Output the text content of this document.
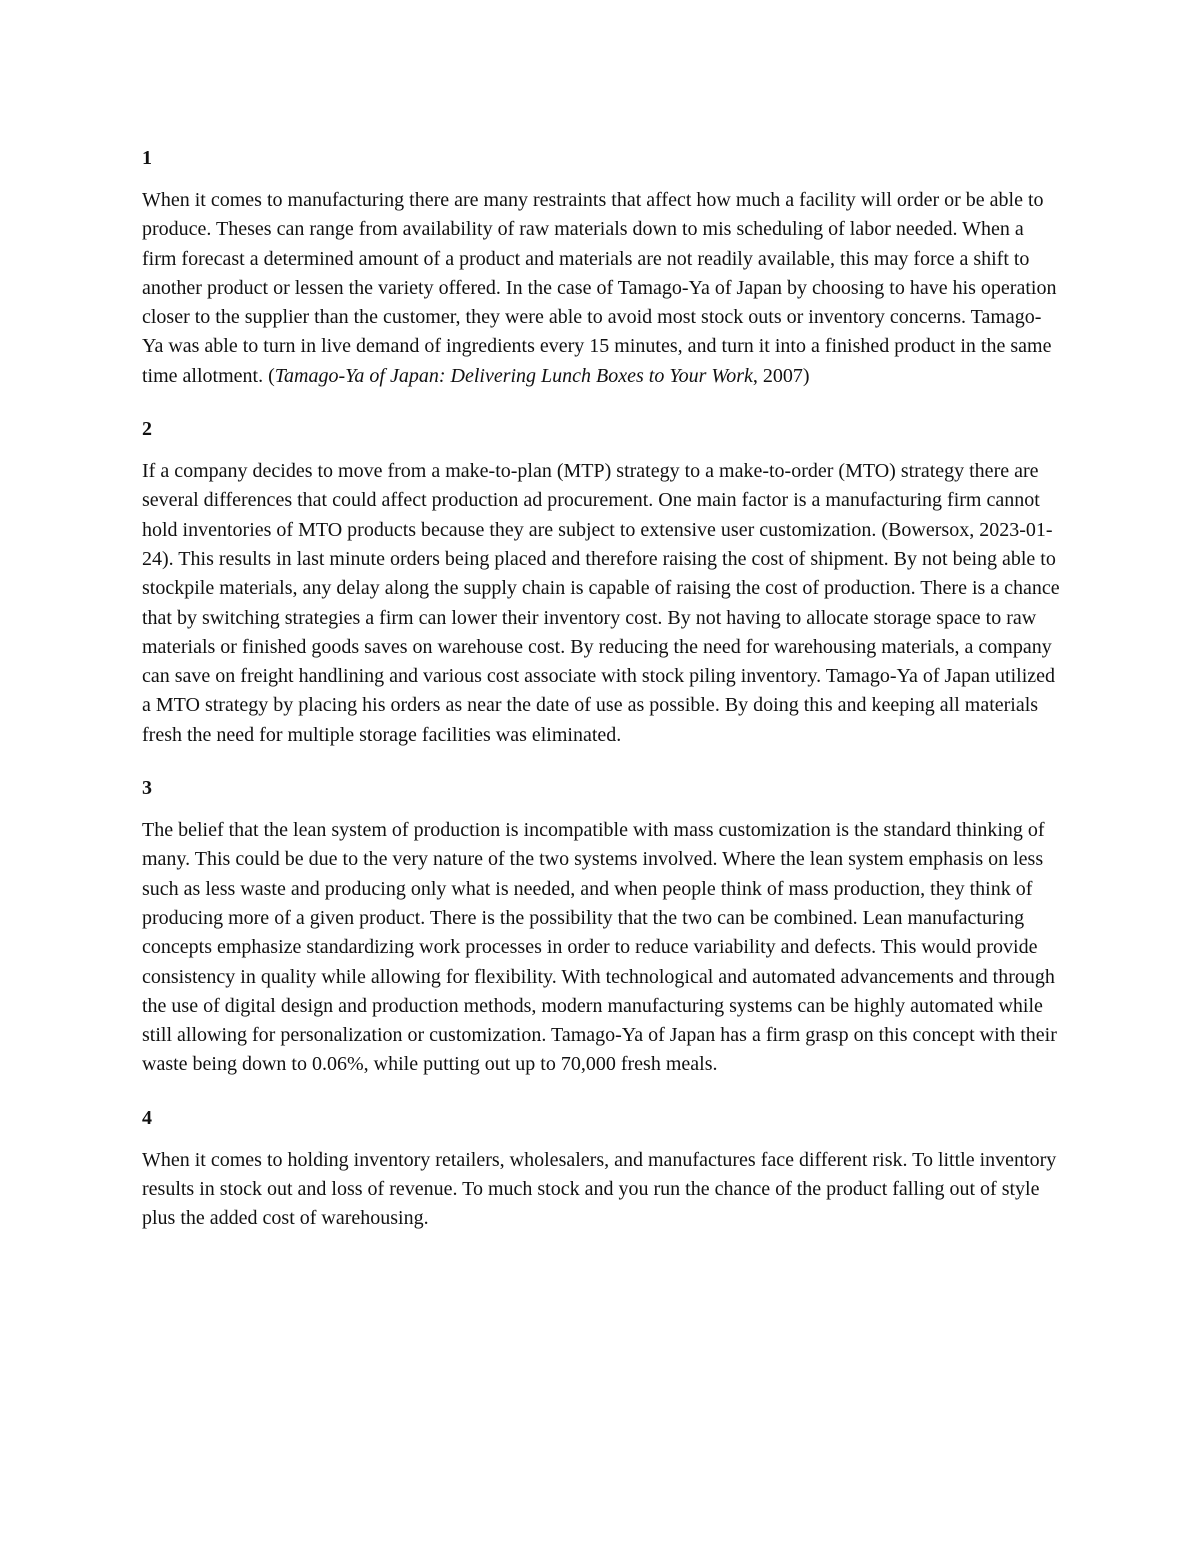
1

When it comes to manufacturing there are many restraints that affect how much a facility will order or be able to produce. Theses can range from availability of raw materials down to mis scheduling of labor needed. When a firm forecast a determined amount of a product and materials are not readily available, this may force a shift to another product or lessen the variety offered. In the case of Tamago-Ya of Japan by choosing to have his operation closer to the supplier than the customer, they were able to avoid most stock outs or inventory concerns. Tamago-Ya was able to turn in live demand of ingredients every 15 minutes, and turn it into a finished product in the same time allotment. (Tamago-Ya of Japan: Delivering Lunch Boxes to Your Work, 2007)

2

If a company decides to move from a make-to-plan (MTP) strategy to a make-to-order (MTO) strategy there are several differences that could affect production ad procurement. One main factor is a manufacturing firm cannot hold inventories of MTO products because they are subject to extensive user customization. (Bowersox, 2023-01-24). This results in last minute orders being placed and therefore raising the cost of shipment. By not being able to stockpile materials, any delay along the supply chain is capable of raising the cost of production. There is a chance that by switching strategies a firm can lower their inventory cost. By not having to allocate storage space to raw materials or finished goods saves on warehouse cost. By reducing the need for warehousing materials, a company can save on freight handlining and various cost associate with stock piling inventory. Tamago-Ya of Japan utilized a MTO strategy by placing his orders as near the date of use as possible. By doing this and keeping all materials fresh the need for multiple storage facilities was eliminated.

3

The belief that the lean system of production is incompatible with mass customization is the standard thinking of many. This could be due to the very nature of the two systems involved. Where the lean system emphasis on less such as less waste and producing only what is needed, and when people think of mass production, they think of producing more of a given product. There is the possibility that the two can be combined. Lean manufacturing concepts emphasize standardizing work processes in order to reduce variability and defects. This would provide consistency in quality while allowing for flexibility. With technological and automated advancements and through the use of digital design and production methods, modern manufacturing systems can be highly automated while still allowing for personalization or customization. Tamago-Ya of Japan has a firm grasp on this concept with their waste being down to 0.06%, while putting out up to 70,000 fresh meals.

4

When it comes to holding inventory retailers, wholesalers, and manufactures face different risk. To little inventory results in stock out and loss of revenue. To much stock and you run the chance of the product falling out of style plus the added cost of warehousing.
